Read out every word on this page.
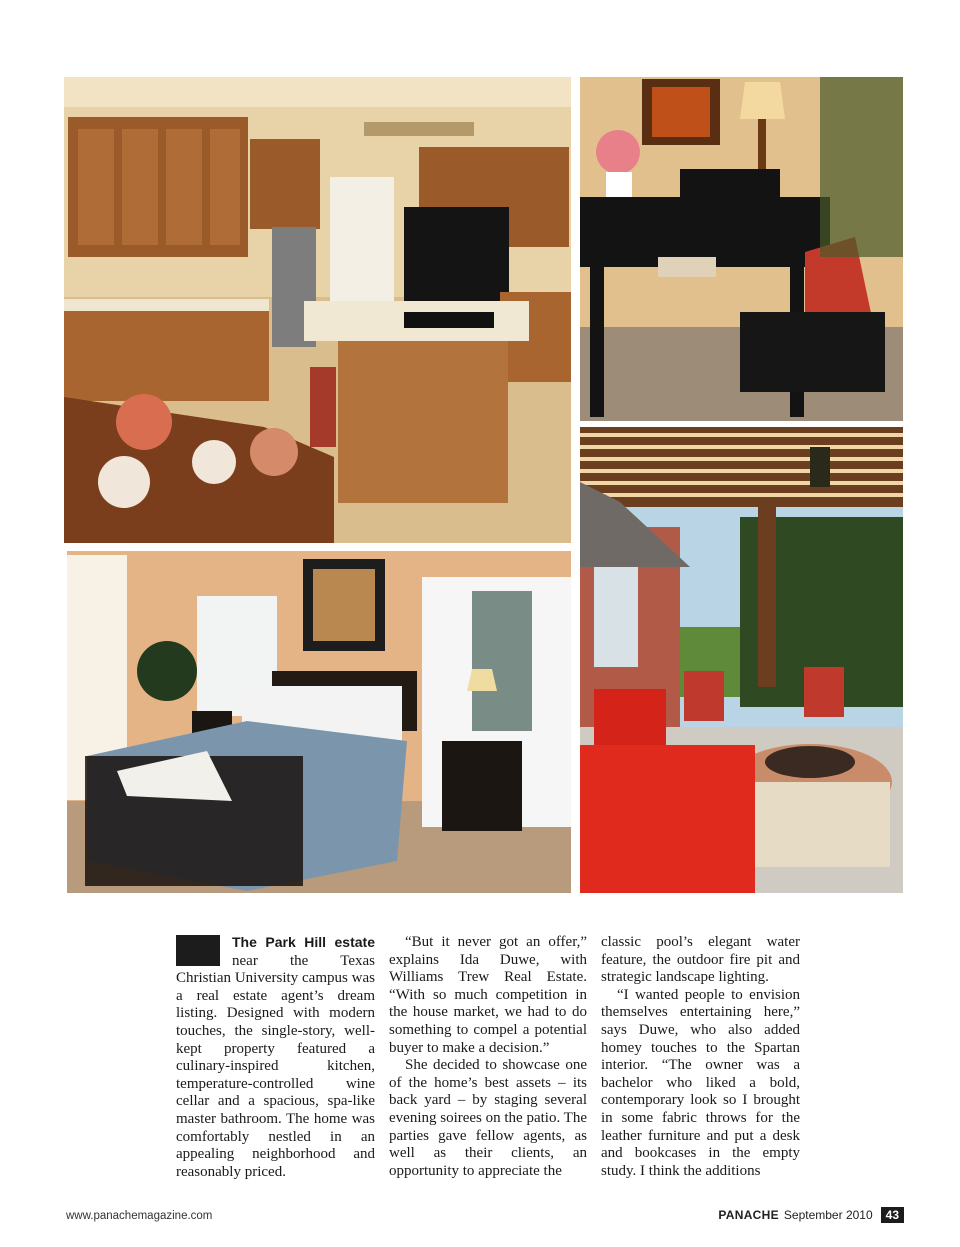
The Park Hill estate near the Texas Christian University campus was a real estate agent’s dream listing. Designed with modern touches, the single-story, well-kept property featured a culinary-inspired kitchen, temperature-controlled wine cellar and a spacious, spa-like master bathroom. The home was comfortably nestled in an appealing neighborhood and reasonably priced.

“But it never got an offer,” explains Ida Duwe, with Williams Trew Real Estate. “With so much competition in the house market, we had to do something to compel a potential buyer to make a decision.”

She decided to showcase one of the home’s best assets – its back yard – by staging several evening soirees on the patio. The parties gave fellow agents, as well as their clients, an opportunity to appreciate the

classic pool’s elegant water feature, the outdoor fire pit and strategic landscape lighting.

“I wanted people to envision themselves entertaining here,” says Duwe, who also added homey touches to the Spartan interior. “The owner was a bachelor who liked a bold, contemporary look so I brought in some fabric throws for the leather furniture and put a desk and bookcases in the empty study. I think the additions

www.panachemagazine.com	PANACHE September 2010	43
